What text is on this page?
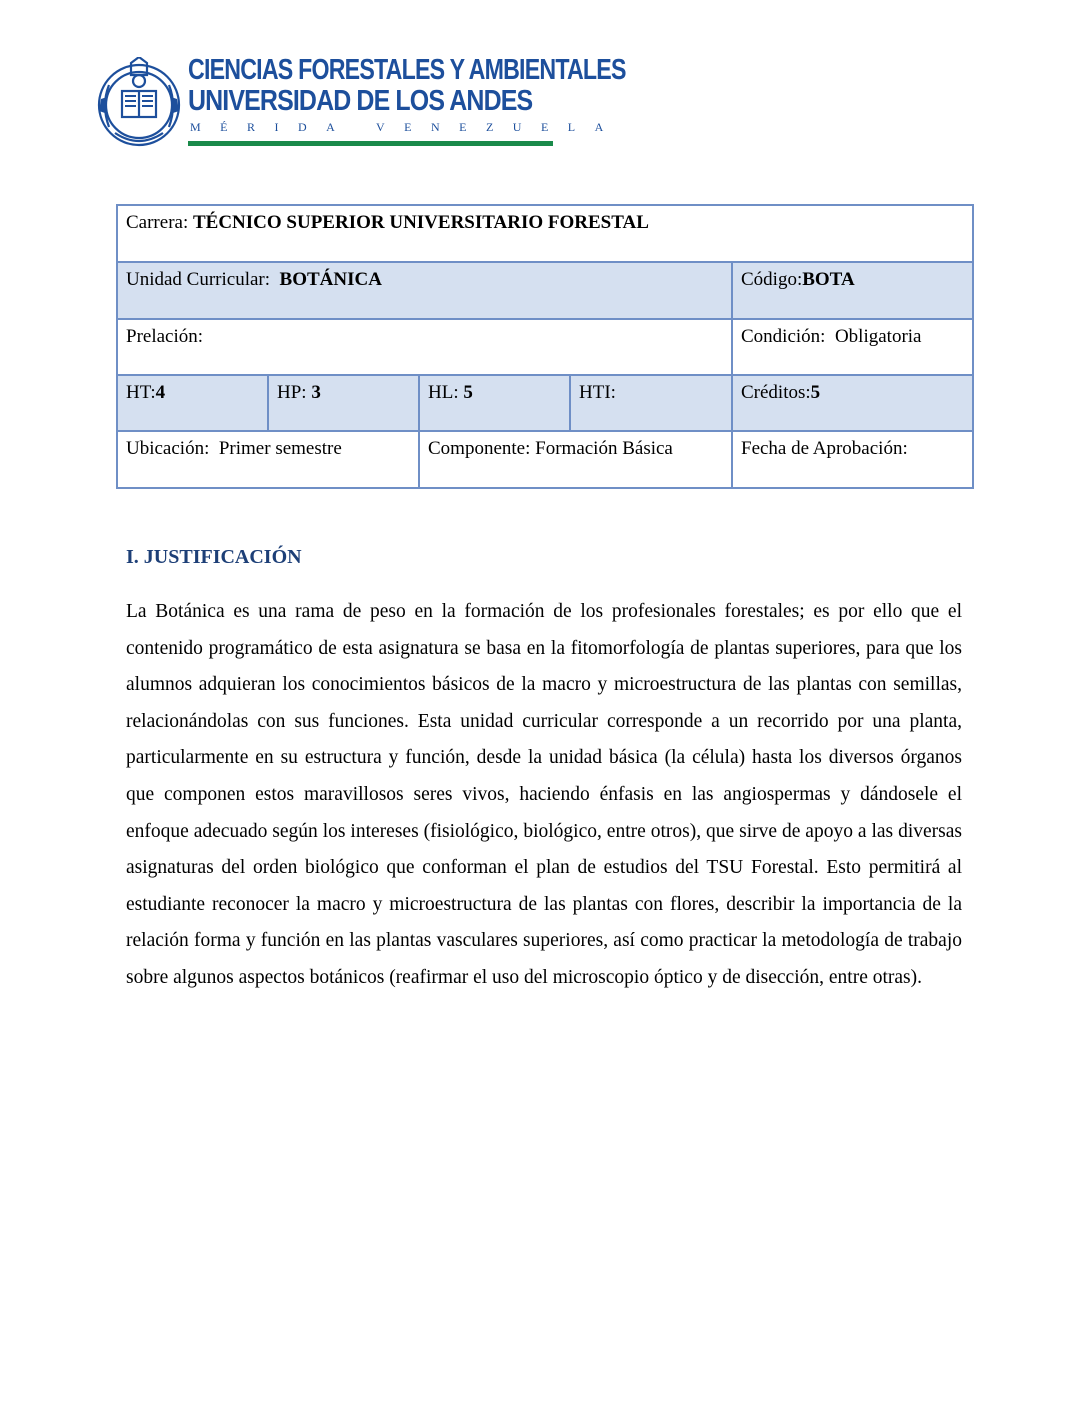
CIENCIAS FORESTALES Y AMBIENTALES
UNIVERSIDAD DE LOS ANDES
MÉRIDA VENEZUELA
Carrera: TÉCNICO SUPERIOR UNIVERSITARIO FORESTAL				
Unidad Curricular: BOTÁNICA				Código:BOTA
Prelación:				Condición: Obligatoria
HT:4	HP: 3	HL: 5	HTI:	Créditos:5
Ubicación: Primer semestre		Componente: Formación Básica		Fecha de Aprobación:
I. JUSTIFICACIÓN
La Botánica es una rama de peso en la formación de los profesionales forestales; es por ello que el contenido programático de esta asignatura se basa en la fitomorfología de plantas superiores, para que los alumnos adquieran los conocimientos básicos de la macro y microestructura de las plantas con semillas, relacionándolas con sus funciones. Esta unidad curricular corresponde a un recorrido por una planta, particularmente en su estructura y función, desde la unidad básica (la célula) hasta los diversos órganos que componen estos maravillosos seres vivos, haciendo énfasis en las angiospermas y dándosele el enfoque adecuado según los intereses (fisiológico, biológico, entre otros), que sirve de apoyo a las diversas asignaturas del orden biológico que conforman el plan de estudios del TSU Forestal. Esto permitirá al estudiante reconocer la macro y microestructura de las plantas con flores, describir la importancia de la relación forma y función en las plantas vasculares superiores, así como practicar la metodología de trabajo sobre algunos aspectos botánicos (reafirmar el uso del microscopio óptico y de disección, entre otras).
